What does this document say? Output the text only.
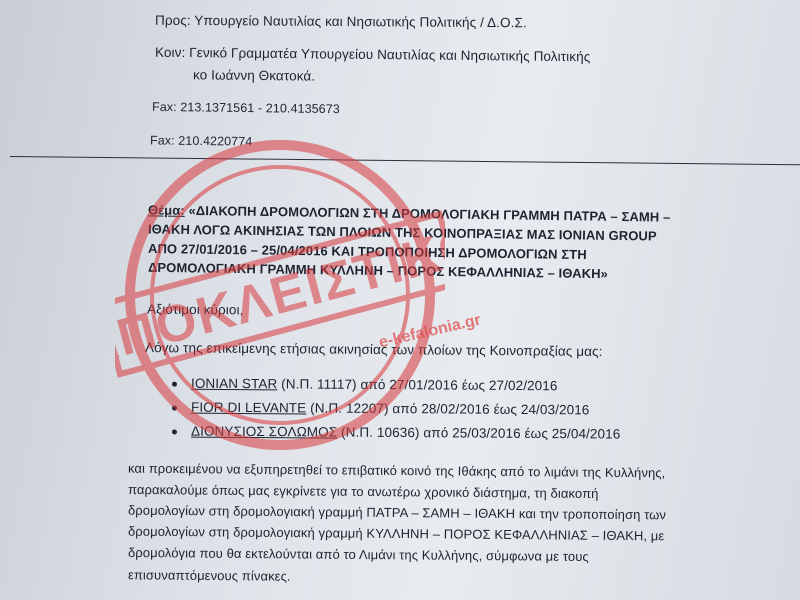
Προς: Υπουργείο Ναυτιλίας και Νησιωτικής Πολιτικής / Δ.Ο.Σ.
Κοιν: Γενικό Γραμματέα Υπουργείου Ναυτιλίας και Νησιωτικής Πολιτικής
κο Ιωάννη Θκατοκά.
Fax: 213.1371561 - 210.4135673
Fax: 210.4220774
Θέμα: «ΔΙΑΚΟΠΗ ΔΡΟΜΟΛΟΓΙΩΝ ΣΤΗ ΔΡΟΜΟΛΟΓΙΑΚΗ ΓΡΑΜΜΗ ΠΑΤΡΑ – ΣΑΜΗ –
ΙΘΑΚΗ ΛΟΓΩ ΑΚΙΝΗΣΙΑΣ ΤΩΝ ΠΛΟΙΩΝ ΤΗΣ ΚΟΙΝΟΠΡΑΞΙΑΣ ΜΑΣ IONIAN GROUP
ΑΠΟ 27/01/2016 – 25/04/2016 ΚΑΙ ΤΡΟΠΟΠΟΙΗΣΗ ΔΡΟΜΟΛΟΓΙΩΝ ΣΤΗ
ΔΡΟΜΟΛΟΓΙΑΚΗ ΓΡΑΜΜΗ ΚΥΛΛΗΝΗ – ΠΟΡΟΣ ΚΕΦΑΛΛΗΝΙΑΣ – ΙΘΑΚΗ»
Αξιότιμοι κύριοι,
Λόγω της επικείμενης ετήσιας ακινησίας των πλοίων της Κοινοπραξίας μας:
IONIAN STAR (Ν.Π. 11117) από 27/01/2016 έως 27/02/2016
FIOR DI LEVANTE (Ν.Π. 12207) από 28/02/2016 έως 24/03/2016
ΔΙΟΝΥΣΙΟΣ ΣΟΛΩΜΟΣ (Ν.Π. 10636) από 25/03/2016 έως 25/04/2016
και προκειμένου να εξυπηρετηθεί το επιβατικό κοινό της Ιθάκης από το λιμάνι της Κυλλήνης,
παρακαλούμε όπως μας εγκρίνετε για το ανωτέρω χρονικό διάστημα, τη διακοπή
δρομολογίων στη δρομολογιακή γραμμή ΠΑΤΡΑ – ΣΑΜΗ – ΙΘΑΚΗ και την τροποποίηση των
δρομολογίων στη δρομολογιακή γραμμή ΚΥΛΛΗΝΗ – ΠΟΡΟΣ ΚΕΦΑΛΛΗΝΙΑΣ – ΙΘΑΚΗ, με
δρομολόγια που θα εκτελούνται από το Λιμάνι της Κυλλήνης, σύμφωνα με τους
επισυναπτόμενους πίνακες.
ΑΠΟΚΛΕΙΣΤΙΚΟ
e-kefalonia.gr
